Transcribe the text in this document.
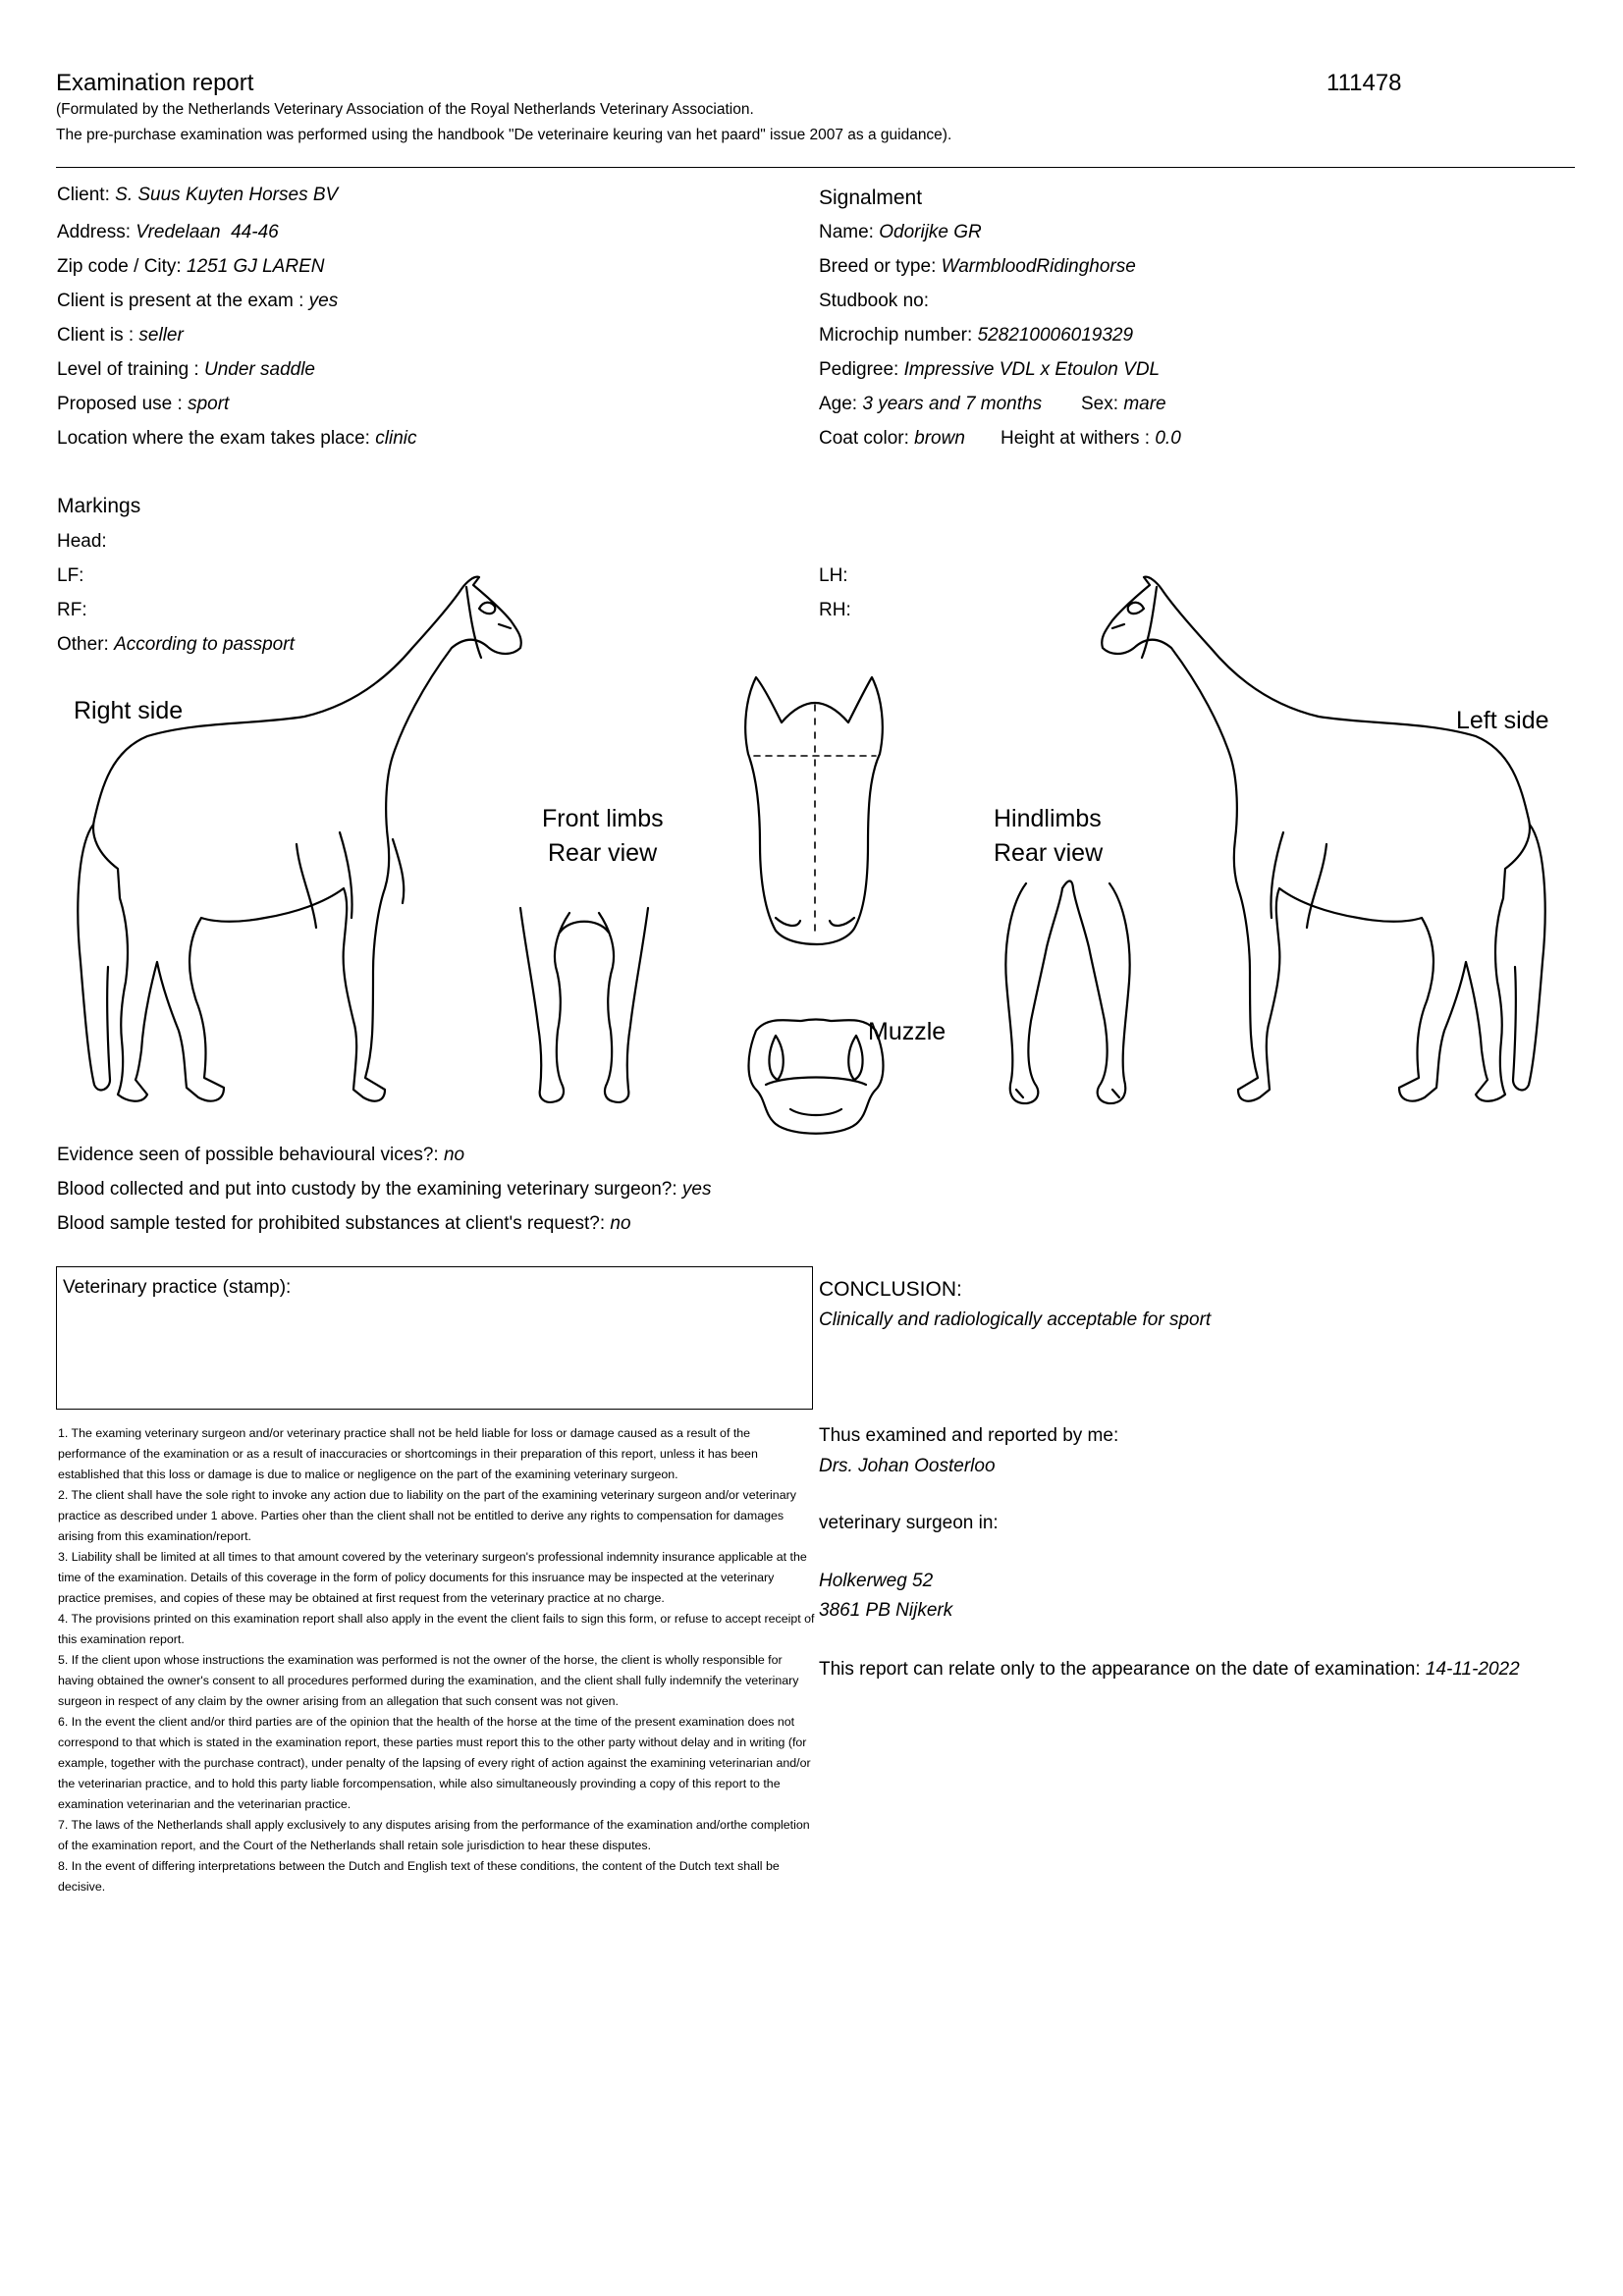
Examination report	111478
(Formulated by the Netherlands Veterinary Association of the Royal Netherlands Veterinary Association.
The pre-purchase examination was performed using the handbook "De veterinaire keuring van het paard" issue 2007 as a guidance).
Client: S. Suus Kuyten Horses BV
Address: Vredelaan  44-46
Zip code / City: 1251 GJ LAREN
Client is present at the exam : yes
Client is : seller
Level of training : Under saddle
Proposed use : sport
Location where the exam takes place: clinic
Signalment
Name: Odorijke GR
Breed or type: WarmbloodRidinghorse
Studbook no:
Microchip number: 528210006019329
Pedigree: Impressive VDL x Etoulon VDL
Age: 3 years and 7 months Sex: mare
Coat color: brown Height at withers : 0.0
Markings
Head:
LF:	LH:
RF:	RH:
Other: According to passport
Right side	Left side
Front limbs
Rear view
Hindlimbs
Rear view
Muzzle
Evidence seen of possible behavioural vices?: no
Blood collected and put into custody by the examining veterinary surgeon?: yes
Blood sample tested for prohibited substances at client's request?: no
Veterinary practice (stamp):	CONCLUSION:
Clinically and radiologically acceptable for sport
Thus examined and reported by me:
Drs. Johan Oosterloo
veterinary surgeon in:
Holkerweg 52
3861 PB Nijkerk
This report can relate only to the appearance on the date of examination: 14-11-2022

1. The examing veterinary surgeon and/or veterinary practice shall not be held liable for loss or damage caused as a result of the performance of the examination or as a result of inaccuracies or shortcomings in their preparation of this report, unless it has been established that this loss or damage is due to malice or negligence on the part of the examining veterinary surgeon.

2. The client shall have the sole right to invoke any action due to liability on the part of the examining veterinary surgeon and/or veterinary practice as described under 1 above. Parties oher than the client shall not be entitled to derive any rights to compensation for damages arising from this examination/report.

3. Liability shall be limited at all times to that amount covered by the veterinary surgeon's professional indemnity insurance applicable at the time of the examination. Details of this coverage in the form of policy documents for this insruance may be inspected at the veterinary practice premises, and copies of these may be obtained at first request from the veterinary practice at no charge.

4. The provisions printed on this examination report shall also apply in the event the client fails to sign this form, or refuse to accept receipt of this examination report.

5. If the client upon whose instructions the examination was performed is not the owner of the horse, the client is wholly responsible for having obtained the owner's consent to all procedures performed during the examination, and the client shall fully indemnify the veterinary surgeon in respect of any claim by the owner arising from an allegation that such consent was not given.

6. In the event the client and/or third parties are of the opinion that the health of the horse at the time of the present examination does not correspond to that which is stated in the examination report, these parties must report this to the other party without delay and in writing (for example, together with the purchase contract), under penalty of the lapsing of every right of action against the examining veterinarian and/or the veterinarian practice, and to hold this party liable forcompensation, while also simultaneously provinding a copy of this report to the examination veterinarian and the veterinarian practice.

7. The laws of the Netherlands shall apply exclusively to any disputes arising from the performance of the examination and/orthe completion of the examination report, and the Court of the Netherlands shall retain sole jurisdiction to hear these disputes.

8. In the event of differing interpretations between the Dutch and English text of these conditions, the content of the Dutch text shall be decisive.
